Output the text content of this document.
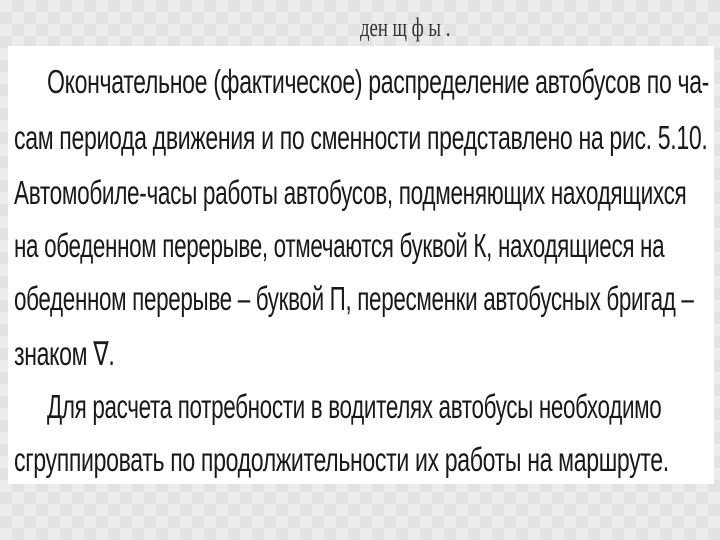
ден щ ф ы .
Окончательное (фактическое) распределение автобусов по ча-
сам периода движения и по сменности представлено на рис. 5.10.
Автомобиле-часы работы автобусов, подменяющих находящихся
на обеденном перерыве, отмечаются буквой К, находящиеся на
обеденном перерыве – буквой П, пересменки автобусных бригад –
знаком ∇.
Для расчета потребности в водителях автобусы необходимо
сгруппировать по продолжительности их работы на маршруте.
